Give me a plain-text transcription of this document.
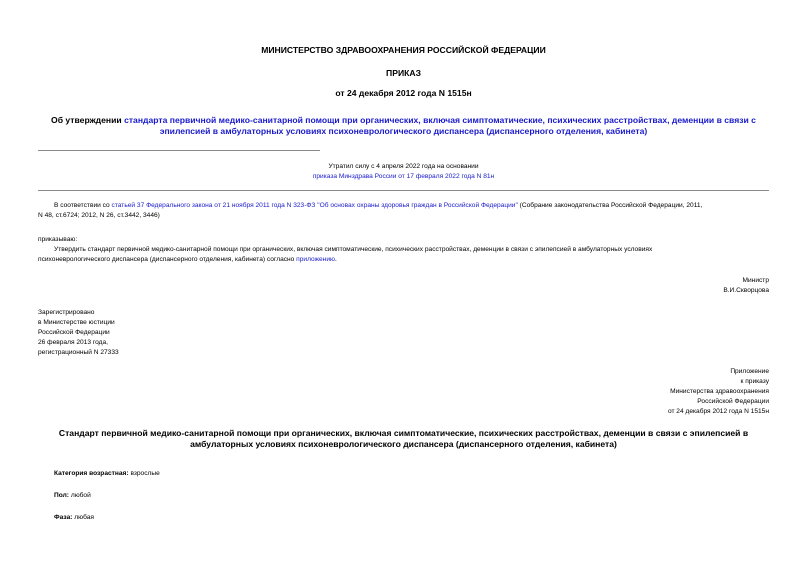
МИНИСТЕРСТВО ЗДРАВООХРАНЕНИЯ РОССИЙСКОЙ ФЕДЕРАЦИИ
ПРИКАЗ
от 24 декабря 2012 года N 1515н
Об утверждении стандарта первичной медико-санитарной помощи при органических, включая симптоматические, психических расстройствах, деменции в связи с
эпилепсией в амбулаторных условиях психоневрологического диспансера (диспансерного отделения, кабинета)
Утратил силу с 4 апреля 2022 года на основании
приказа Минздрава России от 17 февраля 2022 года N 81н
В соответствии со статьей 37 Федерального закона от 21 ноября 2011 года N 323-ФЗ "Об основах охраны здоровья граждан в Российской Федерации" (Собрание законодательства Российской Федерации, 2011,
N 48, ст.6724; 2012, N 26, ст.3442, 3446)
приказываю:
Утвердить стандарт первичной медико-санитарной помощи при органических, включая симптоматические, психических расстройствах, деменции в связи с эпилепсией в амбулаторных условиях
психоневрологического диспансера (диспансерного отделения, кабинета) согласно приложению.
Министр
В.И.Скворцова
Зарегистрировано
в Министерстве юстиции
Российской Федерации
26 февраля 2013 года,
регистрационный N 27333
Приложение
к приказу
Министерства здравоохранения
Российской Федерации
от 24 декабря 2012 года N 1515н
Стандарт первичной медико-санитарной помощи при органических, включая симптоматические, психических расстройствах, деменции в связи с эпилепсией в
амбулаторных условиях психоневрологического диспансера (диспансерного отделения, кабинета)
Категория возрастная: взрослые
Пол: любой
Фаза: любая
